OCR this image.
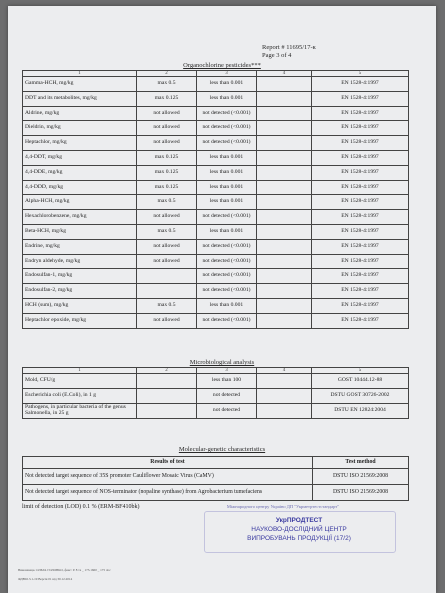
Report # 11695/17-к
Page 3 of 4
Organochlorine pesticides***
1	2	3	4	5
Gamma-HCH, mg/kg	max 0.5	less than 0.001		EN 1528-4:1997
DDT and its metabolites, mg/kg	max 0.125	less than 0.001		EN 1528-4:1997
Aldrine, mg/kg	not allowed	not detected (<0.001)		EN 1528-4:1997
Dieldrin, mg/kg	not allowed	not detected (<0.001)		EN 1528-4:1997
Heptachlor, mg/kg	not allowed	not detected (<0.001)		EN 1528-4:1997
4,4-DDT, mg/kg	max 0.125	less than 0.001		EN 1528-4:1997
4,4-DDE, mg/kg	max 0.125	less than 0.001		EN 1528-4:1997
4,4-DDD, mg/kg	max 0.125	less than 0.001		EN 1528-4:1997
Alpha-HCH, mg/kg	max 0.5	less than 0.001		EN 1528-4:1997
Hexachlorobenzene, mg/kg	not allowed	not detected (<0.001)		EN 1528-4:1997
Beta-HCH, mg/kg	max 0.5	less than 0.001		EN 1528-4:1997
Endrine, mg/kg	not allowed	not detected (<0.001)		EN 1528-4:1997
Endryn aldehyde, mg/kg	not allowed	not detected (<0.001)		EN 1528-4:1997
Endosulfan-1, mg/kg		not detected (<0.001)		EN 1528-4:1997
Endosulfan-2, mg/kg		not detected (<0.001)		EN 1528-4:1997
HCH (sum), mg/kg	max 0.5	less than 0.001		EN 1528-4:1997
Heptachlor epoxide, mg/kg	not allowed	not detected (<0.001)		EN 1528-4:1997
Microbiological analysis
1	2	3	4	5
Mold, CFU/g		less than 100		GOST 10444.12-88
Escherichia coli (E.Coli), in 1 g		not detected		DSTU GOST 30726-2002
Pathogens, in particular bacteria of the genus Salmonella, in 25 g		not detected		DSTU EN 12824:2004
Molecular-genetic characteristics
Results of test	Test method
Not detected target sequence of 35S promoter Cauliflower Mosaic Virus (CaMV)	DSTU ISO 21569:2008
Not detected target sequence of NOS-terminator (nopaline synthase) from Agrobacterium tumefaciens	DSTU ISO 21569:2008
limit of detection (LOD) 0.1 % (ERM-BF410bk)	Міжнародного центру Україно ДП "Укрметртестстандарт"
УкрПРОДТЕСТ
НАУКОВО-ДОСЛІДНИЙ ЦЕНТР
ВИПРОБУВАНЬ ПРОДУКЦІЇ (17/2)
Виконавець: ОЛЬГА ГОЛОВКО, факс: Р. 8 та _ 173.1660 _ 175 doc
ФДВ02.3.1-19 Версія 01 від 30.12.2014
